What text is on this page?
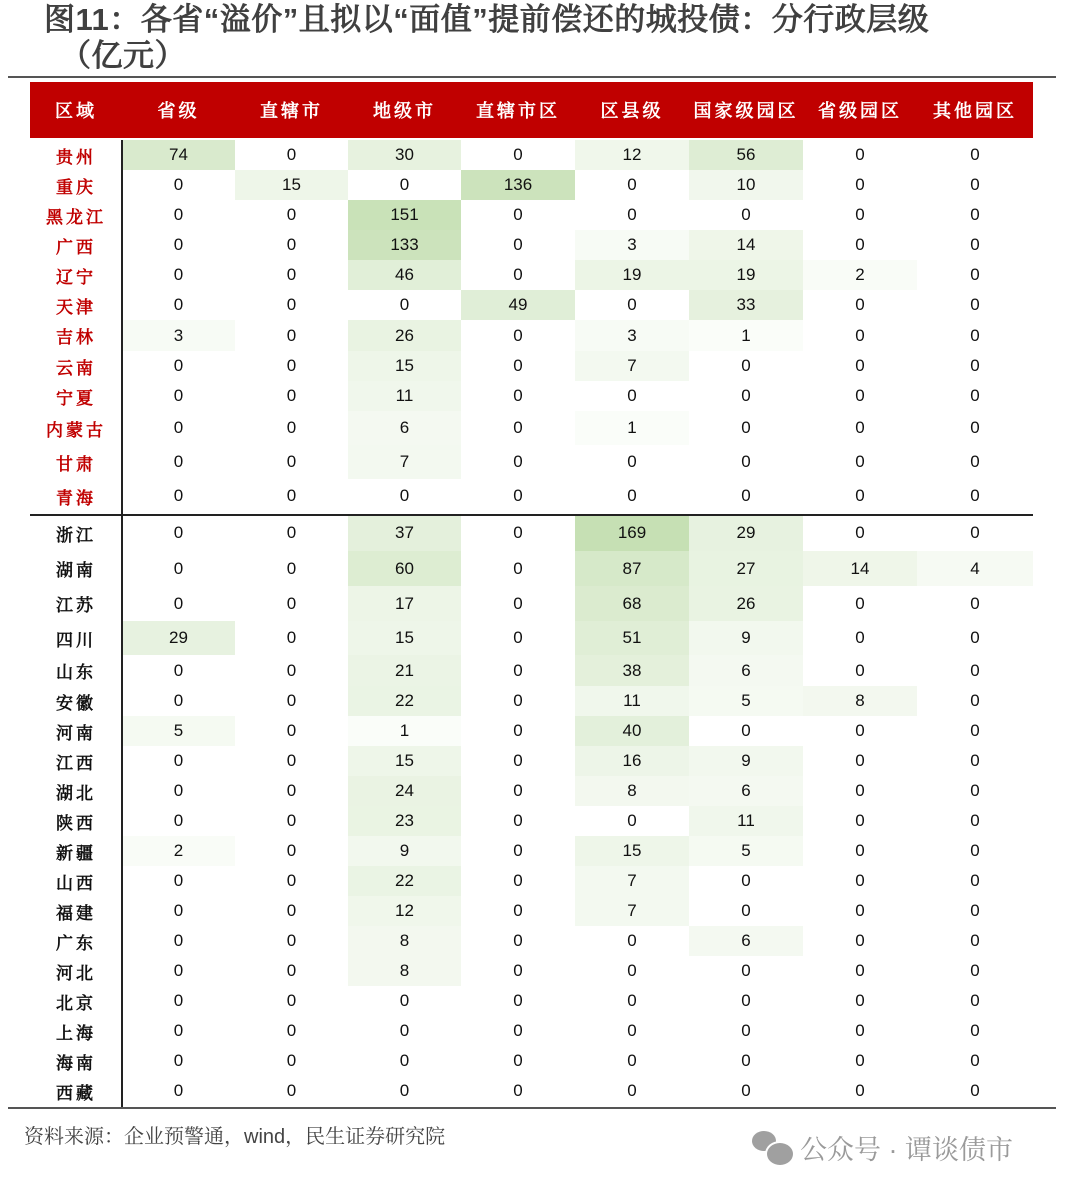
图11：各省“溢价”且拟以“面值”提前偿还的城投债：分行政层级
（亿元）
区域	省级	直辖市	地级市	直辖市区	区县级	国家级园区	省级园区	其他园区
贵州	74	0	30	0	12	56	0	0
重庆	0	15	0	136	0	10	0	0
黑龙江	0	0	151	0	0	0	0	0
广西	0	0	133	0	3	14	0	0
辽宁	0	0	46	0	19	19	2	0
天津	0	0	0	49	0	33	0	0
吉林	3	0	26	0	3	1	0	0
云南	0	0	15	0	7	0	0	0
宁夏	0	0	11	0	0	0	0	0
内蒙古	0	0	6	0	1	0	0	0
甘肃	0	0	7	0	0	0	0	0
青海	0	0	0	0	0	0	0	0
浙江	0	0	37	0	169	29	0	0
湖南	0	0	60	0	87	27	14	4
江苏	0	0	17	0	68	26	0	0
四川	29	0	15	0	51	9	0	0
山东	0	0	21	0	38	6	0	0
安徽	0	0	22	0	11	5	8	0
河南	5	0	1	0	40	0	0	0
江西	0	0	15	0	16	9	0	0
湖北	0	0	24	0	8	6	0	0
陕西	0	0	23	0	0	11	0	0
新疆	2	0	9	0	15	5	0	0
山西	0	0	22	0	7	0	0	0
福建	0	0	12	0	7	0	0	0
广东	0	0	8	0	0	6	0	0
河北	0	0	8	0	0	0	0	0
北京	0	0	0	0	0	0	0	0
上海	0	0	0	0	0	0	0	0
海南	0	0	0	0	0	0	0	0
西藏	0	0	0	0	0	0	0	0
资料来源：企业预警通，wind，民生证券研究院	公众号 · 谭谈债市
